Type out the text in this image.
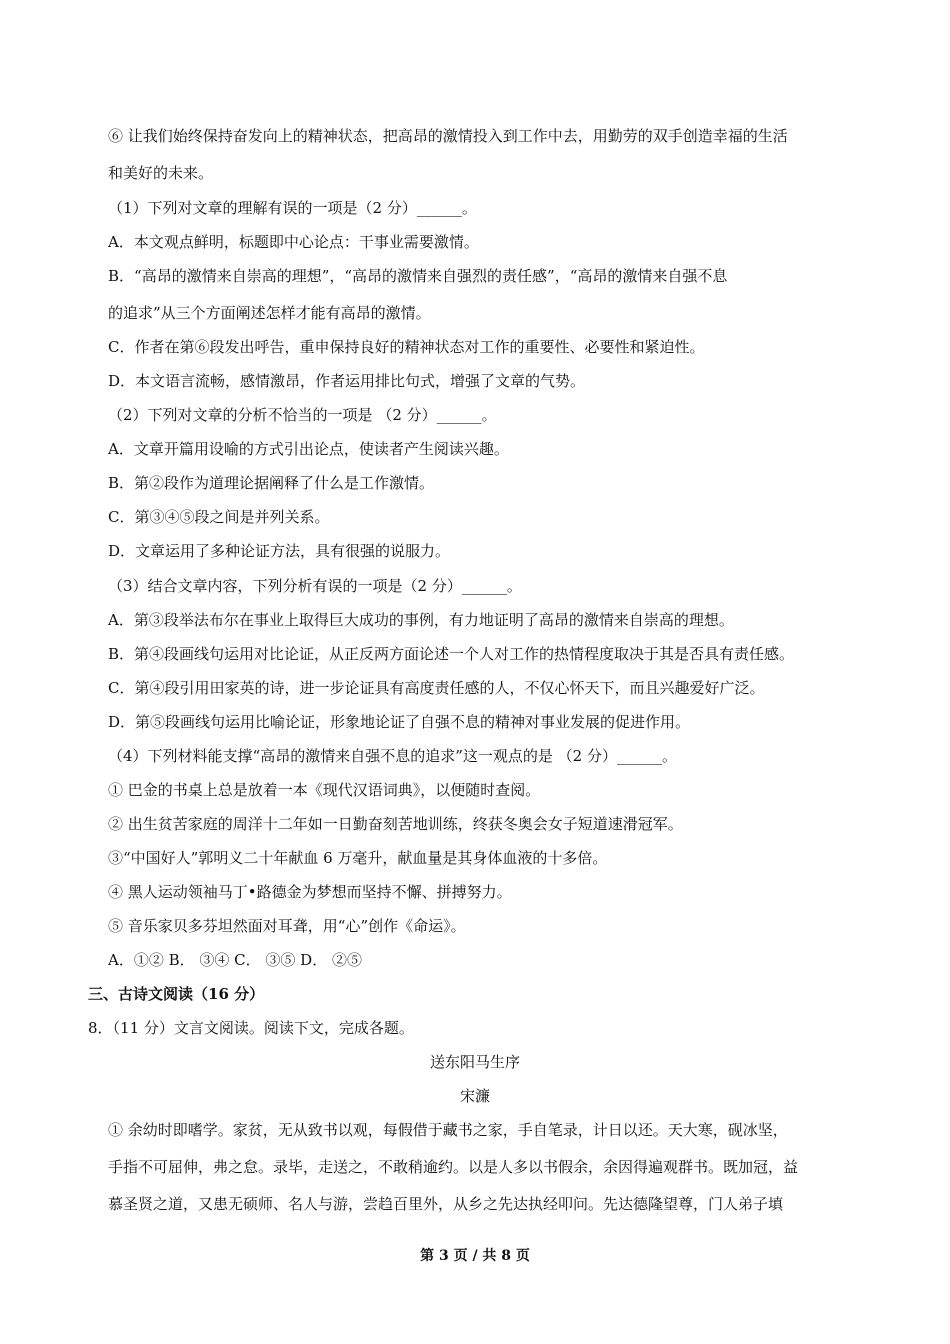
⑥ 让我们始终保持奋发向上的精神状态，把高昂的激情投入到工作中去，用勤劳的双手创造幸福的生活
和美好的未来。
（1）下列对文章的理解有误的一项是（2 分）______。
A．本文观点鲜明，标题即中心论点：干事业需要激情。
B．“高昂的激情来自崇高的理想”，“高昂的激情来自强烈的责任感”，“高昂的激情来自强不息
的追求”从三个方面阐述怎样才能有高昂的激情。
C．作者在第⑥段发出呼告，重申保持良好的精神状态对工作的重要性、必要性和紧迫性。
D．本文语言流畅，感情激昂，作者运用排比句式，增强了文章的气势。
（2）下列对文章的分析不恰当的一项是 （2 分）______。
A．文章开篇用设喻的方式引出论点，使读者产生阅读兴趣。
B．第②段作为道理论据阐释了什么是工作激情。
C．第③④⑤段之间是并列关系。
D．文章运用了多种论证方法，具有很强的说服力。
（3）结合文章内容，下列分析有误的一项是（2 分）______。
A．第③段举法布尔在事业上取得巨大成功的事例，有力地证明了高昂的激情来自崇高的理想。
B．第④段画线句运用对比论证，从正反两方面论述一个人对工作的热情程度取决于其是否具有责任感。
C．第④段引用田家英的诗，进一步论证具有高度责任感的人，不仅心怀天下，而且兴趣爱好广泛。
D．第⑤段画线句运用比喻论证，形象地论证了自强不息的精神对事业发展的促进作用。
（4）下列材料能支撑“高昂的激情来自强不息的追求”这一观点的是 （2 分）______。
① 巴金的书桌上总是放着一本《现代汉语词典》，以便随时查阅。
② 出生贫苦家庭的周洋十二年如一日勤奋刻苦地训练，终获冬奥会女子短道速滑冠军。
③“中国好人”郭明义二十年献血 6 万毫升，献血量是其身体血液的十多倍。
④ 黑人运动领袖马丁•路德金为梦想而坚持不懈、拼搏努力。
⑤ 音乐家贝多芬坦然面对耳聋，用“心”创作《命运》。
A．①② B． ③④ C． ③⑤ D． ②⑤
三、古诗文阅读（16 分）
8．（11 分）文言文阅读。阅读下文，完成各题。
送东阳马生序
宋濂
① 余幼时即嗜学。家贫，无从致书以观，每假借于藏书之家，手自笔录，计日以还。天大寒，砚冰坚，
手指不可屈伸，弗之怠。录毕，走送之，不敢稍逾约。以是人多以书假余，余因得遍观群书。既加冠，益
慕圣贤之道，又患无硕师、名人与游，尝趋百里外，从乡之先达执经叩问。先达德隆望尊，门人弟子填
第 3 页 / 共 8 页
